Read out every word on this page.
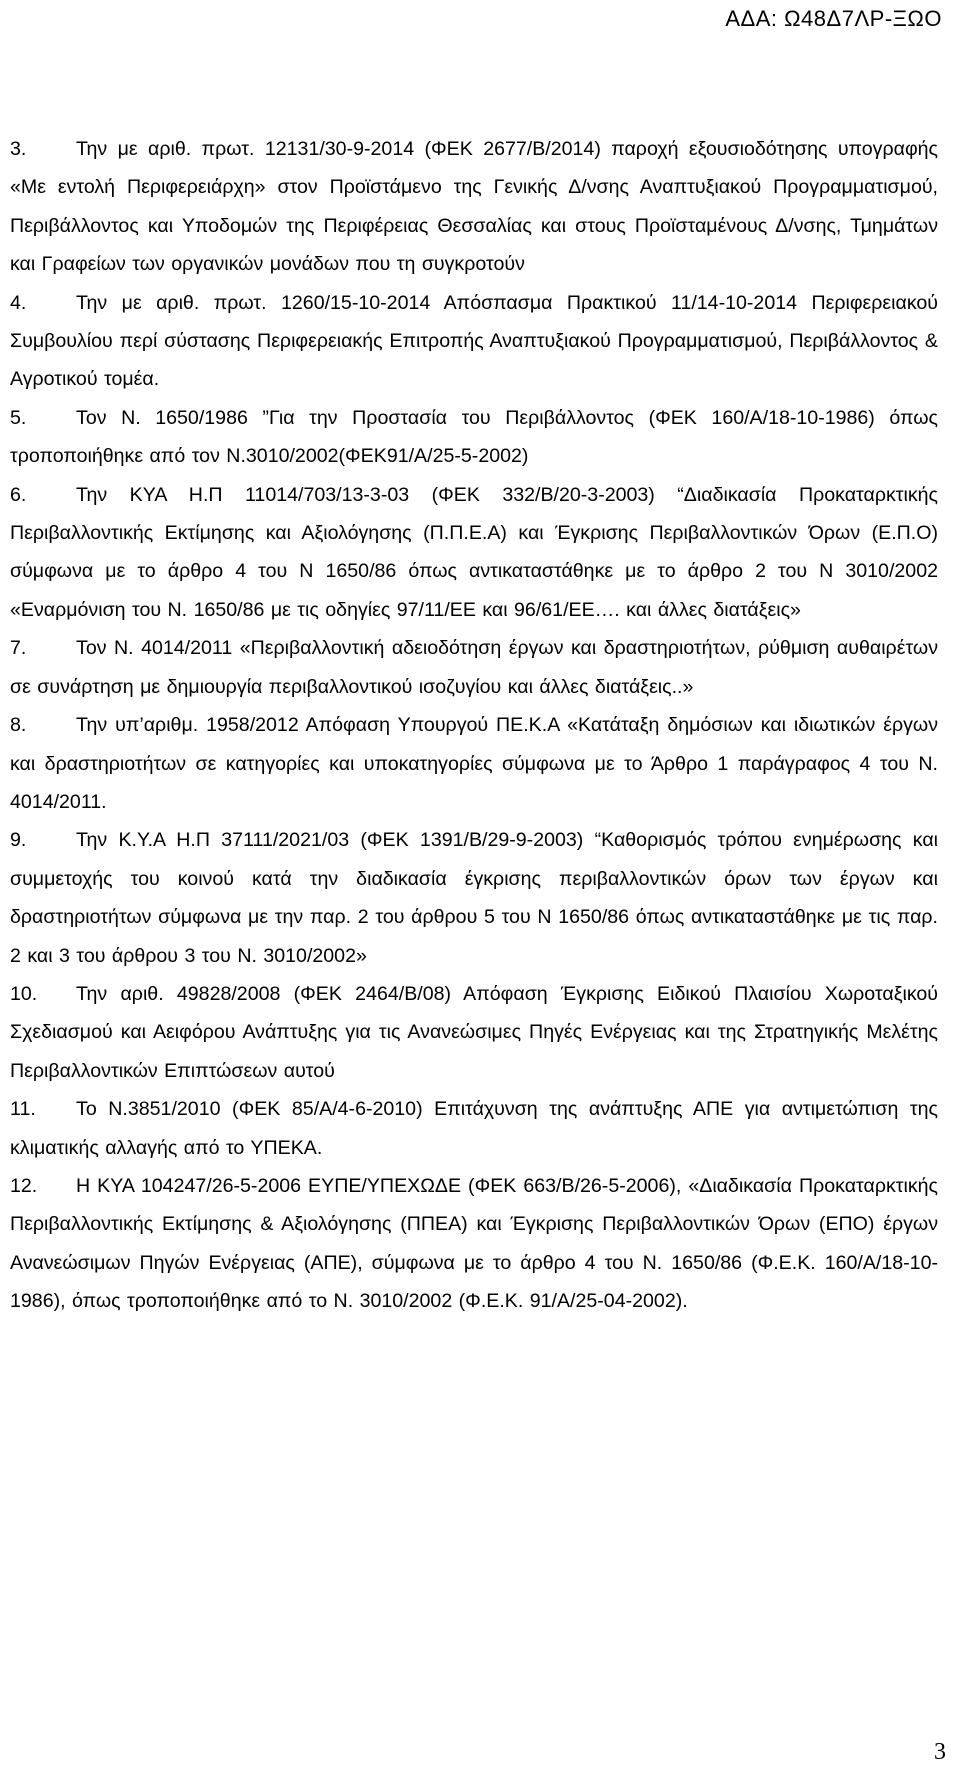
ΑΔΑ: Ω48Δ7ΛΡ-ΞΩΟ

3.	Την με αριθ. πρωτ. 12131/30-9-2014 (ΦΕΚ 2677/Β/2014) παροχή εξουσιοδότησης υπογραφής «Με εντολή Περιφερειάρχη» στον Προϊστάμενο της Γενικής Δ/νσης Αναπτυξιακού Προγραμματισμού, Περιβάλλοντος και Υποδομών της Περιφέρειας Θεσσαλίας και στους Προϊσταμένους Δ/νσης, Τμημάτων και Γραφείων των οργανικών μονάδων που τη συγκροτούν

4.	Την με αριθ. πρωτ. 1260/15-10-2014 Απόσπασμα Πρακτικού 11/14-10-2014 Περιφερειακού Συμβουλίου περί σύστασης Περιφερειακής Επιτροπής Αναπτυξιακού Προγραμματισμού, Περιβάλλοντος & Αγροτικού τομέα.

5.	Τον Ν. 1650/1986 ”Για την Προστασία του Περιβάλλοντος (ΦΕΚ 160/Α/18-10-1986) όπως τροποποιήθηκε από τον Ν.3010/2002(ΦΕΚ91/Α/25-5-2002)

6.	Την ΚΥΑ Η.Π 11014/703/13-3-03 (ΦΕΚ 332/Β/20-3-2003) “Διαδικασία Προκαταρκτικής Περιβαλλοντικής Εκτίμησης και Αξιολόγησης (Π.Π.Ε.Α) και Έγκρισης Περιβαλλοντικών Όρων (Ε.Π.Ο) σύμφωνα με το άρθρο 4 του Ν 1650/86 όπως αντικαταστάθηκε με το άρθρο 2 του Ν 3010/2002 «Εναρμόνιση του Ν. 1650/86 με τις οδηγίες 97/11/ΕΕ και 96/61/ΕΕ…. και άλλες διατάξεις»

7.	Τον Ν. 4014/2011 «Περιβαλλοντική αδειοδότηση έργων και δραστηριοτήτων, ρύθμιση αυθαιρέτων σε συνάρτηση με δημιουργία περιβαλλοντικού ισοζυγίου και άλλες διατάξεις..»

8.	Την υπ’αριθμ. 1958/2012 Απόφαση Υπουργού ΠΕ.Κ.Α «Κατάταξη δημόσιων και ιδιωτικών έργων και δραστηριοτήτων σε κατηγορίες και υποκατηγορίες σύμφωνα με το Άρθρο 1 παράγραφος 4 του Ν. 4014/2011.

9.	Την Κ.Υ.Α Η.Π 37111/2021/03 (ΦΕΚ 1391/Β/29-9-2003) “Καθορισμός τρόπου ενημέρωσης και συμμετοχής του κοινού κατά την διαδικασία έγκρισης περιβαλλοντικών όρων των έργων και δραστηριοτήτων σύμφωνα με την παρ. 2 του άρθρου 5 του Ν 1650/86 όπως αντικαταστάθηκε με τις παρ. 2 και 3 του άρθρου 3 του Ν. 3010/2002»

10. Την αριθ. 49828/2008 (ΦΕΚ 2464/Β/08) Απόφαση Έγκρισης Ειδικού Πλαισίου Χωροταξικού Σχεδιασμού και Αειφόρου Ανάπτυξης για τις Ανανεώσιμες Πηγές Ενέργειας και της Στρατηγικής Μελέτης Περιβαλλοντικών Επιπτώσεων αυτού

11. Το Ν.3851/2010 (ΦΕΚ 85/Α/4-6-2010) Επιτάχυνση της ανάπτυξης ΑΠΕ για αντιμετώπιση της κλιματικής αλλαγής από το ΥΠΕΚΑ.

12. Η ΚΥΑ 104247/26-5-2006 ΕΥΠΕ/ΥΠΕΧΩΔΕ (ΦΕΚ 663/Β/26-5-2006), «Διαδικασία Προκαταρκτικής Περιβαλλοντικής Εκτίμησης & Αξιολόγησης (ΠΠΕΑ) και Έγκρισης Περιβαλλοντικών Όρων (ΕΠΟ) έργων Ανανεώσιμων Πηγών Ενέργειας (ΑΠΕ), σύμφωνα με το άρθρο 4 του Ν. 1650/86 (Φ.Ε.Κ. 160/Α/18-10-1986), όπως τροποποιήθηκε από το Ν. 3010/2002 (Φ.Ε.Κ. 91/Α/25-04-2002).

3
